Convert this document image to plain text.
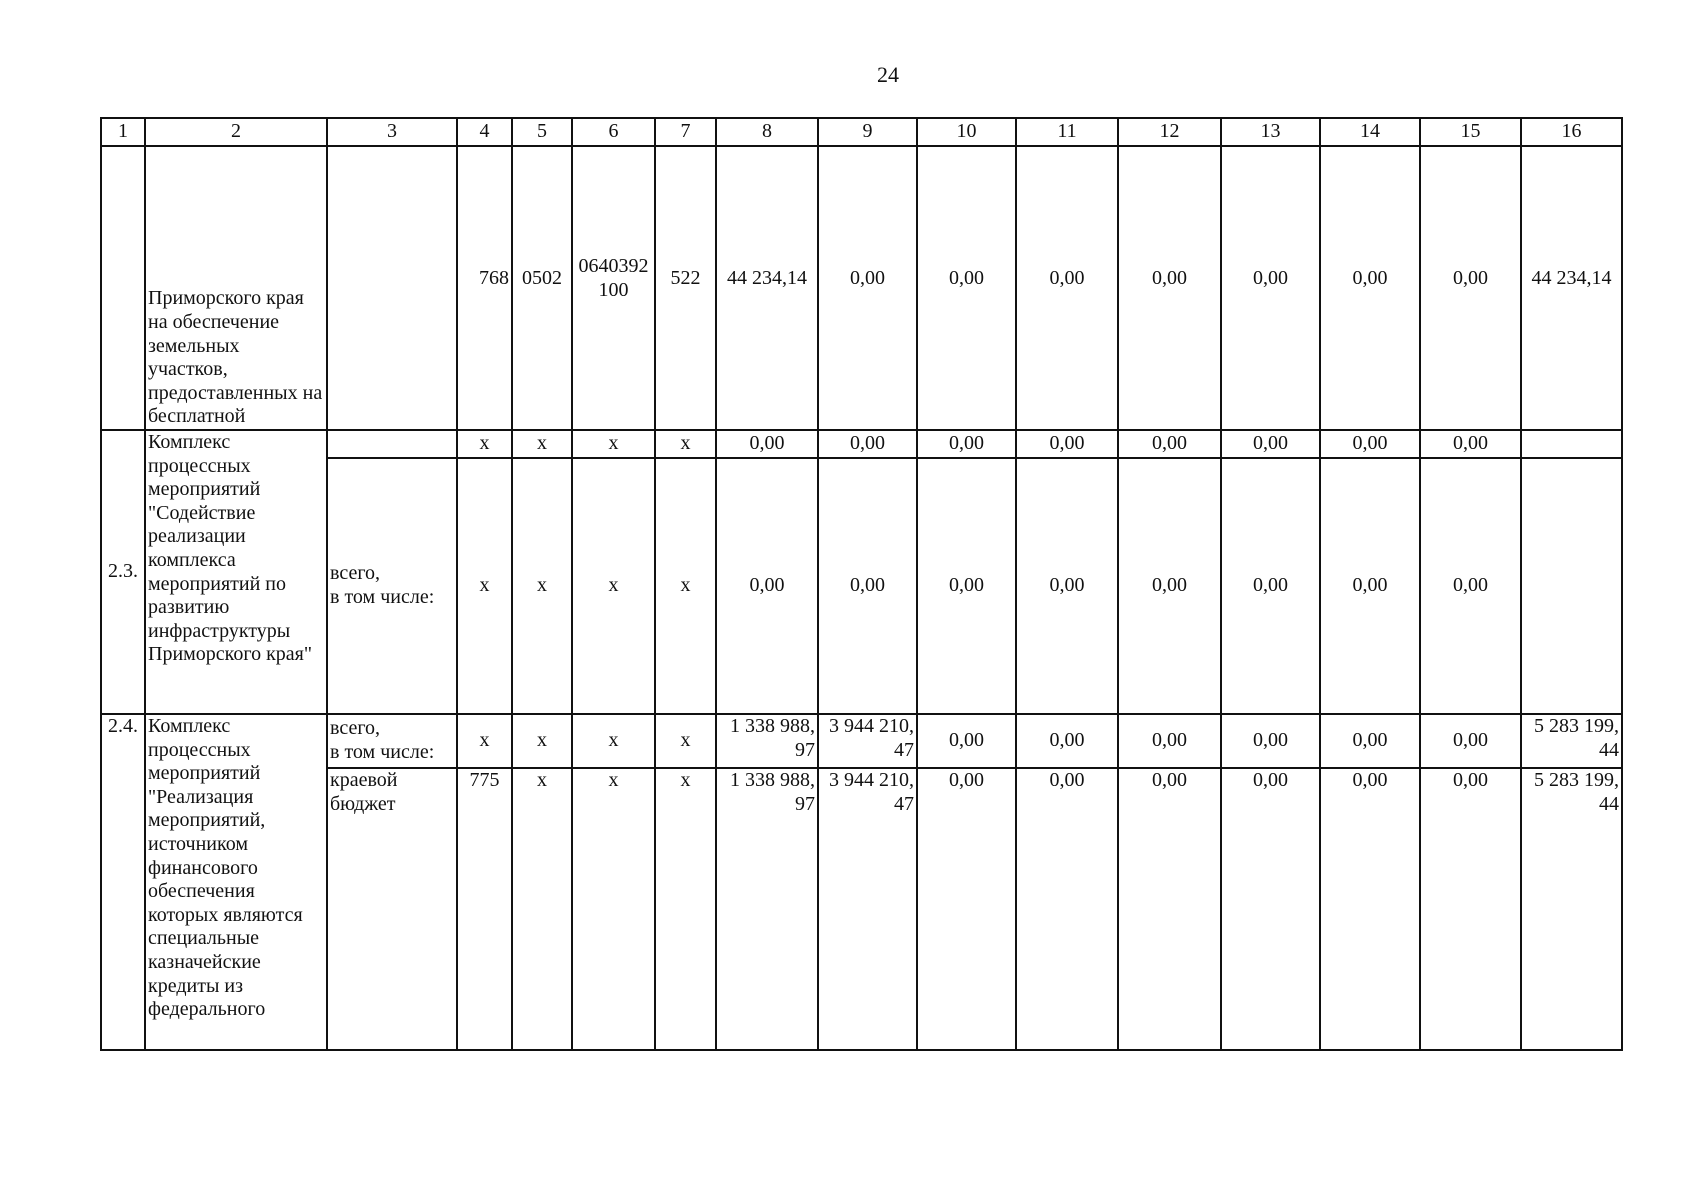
24
1	2	3	4	5	6	7	8	9	10	11	12	13	14	15	16
	Приморского края на обеспечение земельных участков, предоставленных на бесплатной		768	0502	0640392 100	522	44 234,14	0,00	0,00	0,00	0,00	0,00	0,00	0,00	44 234,14
2.3.	Комплекс процессных мероприятий "Содействие реализации комплекса мероприятий по развитию инфраструктуры Приморского края"		x	x	x	x	0,00	0,00	0,00	0,00	0,00	0,00	0,00	0,00	

		всего,
в том числе:	x	x	x	x	0,00	0,00	0,00	0,00	0,00	0,00	0,00	0,00	
2.4.	Комплекс процессных мероприятий "Реализация мероприятий, источником финансового обеспечения которых являются специальные казначейские кредиты из федерального	всего,
в том числе:	x	x	x	x	1 338 988, 97	3 944 210, 47	0,00	0,00	0,00	0,00	0,00	0,00	5 283 199, 44
		краевой бюджет	775	x	x	x	1 338 988, 97	3 944 210, 47	0,00	0,00	0,00	0,00	0,00	0,00	5 283 199, 44
